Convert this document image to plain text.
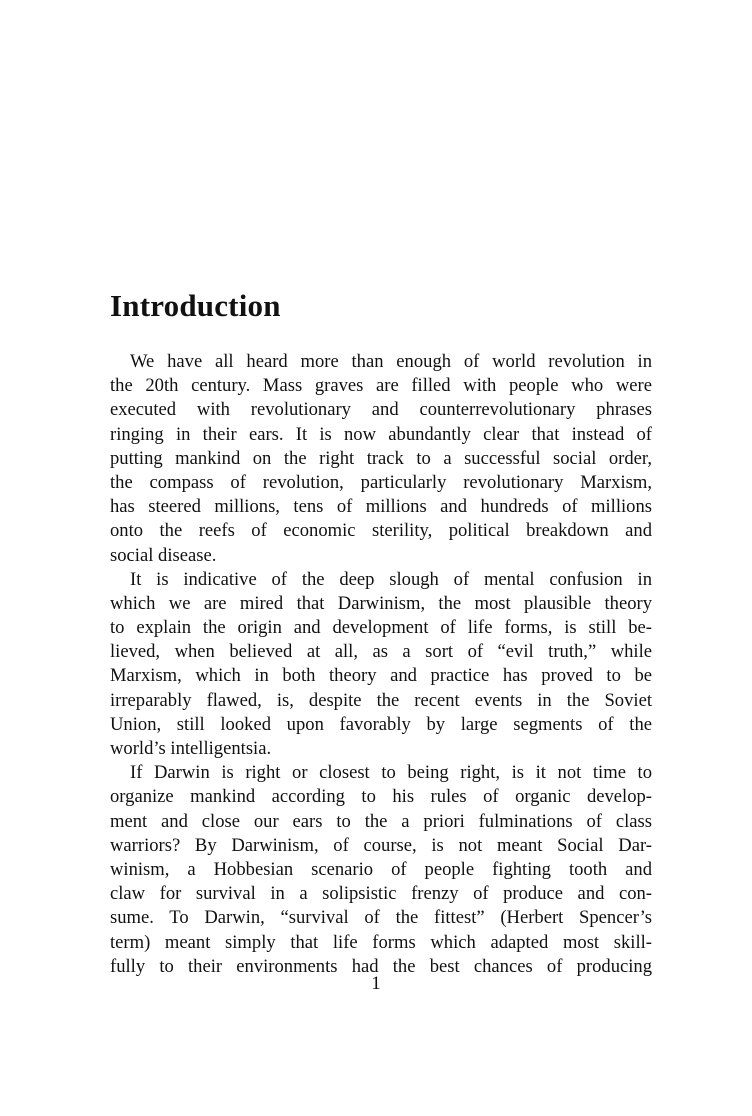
Introduction
We have all heard more than enough of world revolution in
the 20th century. Mass graves are filled with people who were
executed with revolutionary and counterrevolutionary phrases
ringing in their ears. It is now abundantly clear that instead of
putting mankind on the right track to a successful social order,
the compass of revolution, particularly revolutionary Marxism,
has steered millions, tens of millions and hundreds of millions
onto the reefs of economic sterility, political breakdown and
social disease.
It is indicative of the deep slough of mental confusion in
which we are mired that Darwinism, the most plausible theory
to explain the origin and development of life forms, is still be-
lieved, when believed at all, as a sort of “evil truth,” while
Marxism, which in both theory and practice has proved to be
irreparably flawed, is, despite the recent events in the Soviet
Union, still looked upon favorably by large segments of the
world’s intelligentsia.
If Darwin is right or closest to being right, is it not time to
organize mankind according to his rules of organic develop-
ment and close our ears to the a priori fulminations of class
warriors? By Darwinism, of course, is not meant Social Dar-
winism, a Hobbesian scenario of people fighting tooth and
claw for survival in a solipsistic frenzy of produce and con-
sume. To Darwin, “survival of the fittest” (Herbert Spencer’s
term) meant simply that life forms which adapted most skill-
fully to their environments had the best chances of producing
1
